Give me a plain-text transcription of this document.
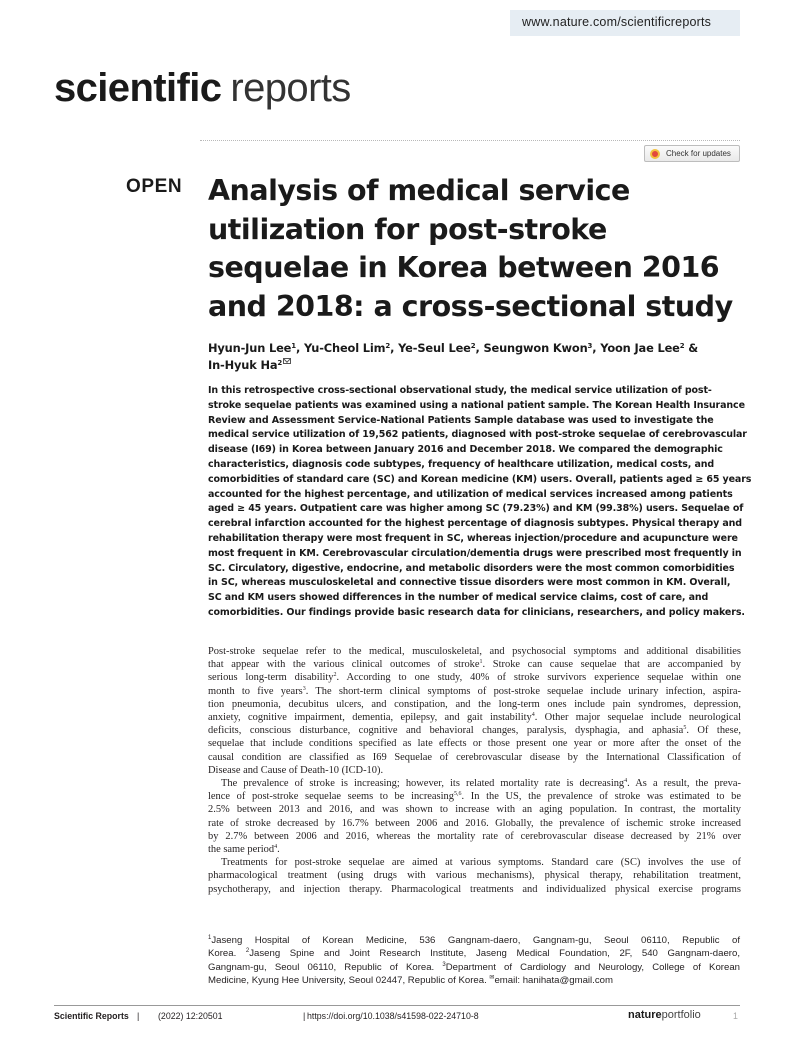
www.nature.com/scientificreports
scientific reports
Check for updates
OPEN Analysis of medical service utilization for post-stroke sequelae in Korea between 2016 and 2018: a cross-sectional study
Hyun-Jun Lee$^1$, Yu-Cheol Lim$^2$, Ye-Seul Lee$^2$, Seungwon Kwon$^3$, Yoon Jae Lee$^2$ &
In-Hyuk Ha$^2$
In this retrospective cross-sectional observational study, the medical service utilization of post-
stroke sequelae patients was examined using a national patient sample. The Korean Health Insurance
Review and Assessment Service-National Patients Sample database was used to investigate the
medical service utilization of 19,562 patients, diagnosed with post-stroke sequelae of cerebrovascular
disease (I69) in Korea between January 2016 and December 2018. We compared the demographic
characteristics, diagnosis code subtypes, frequency of healthcare utilization, medical costs, and
comorbidities of standard care (SC) and Korean medicine (KM) users. Overall, patients aged ≥ 65 years
accounted for the highest percentage, and utilization of medical services increased among patients
aged ≥ 45 years. Outpatient care was higher among SC (79.23%) and KM (99.38%) users. Sequelae of
cerebral infarction accounted for the highest percentage of diagnosis subtypes. Physical therapy and
rehabilitation therapy were most frequent in SC, whereas injection/procedure and acupuncture were
most frequent in KM. Cerebrovascular circulation/dementia drugs were prescribed most frequently in
SC. Circulatory, digestive, endocrine, and metabolic disorders were the most common comorbidities
in SC, whereas musculoskeletal and connective tissue disorders were most common in KM. Overall,
SC and KM users showed differences in the number of medical service claims, cost of care, and
comorbidities. Our findings provide basic research data for clinicians, researchers, and policy makers.
Post-stroke sequelae refer to the medical, musculoskeletal, and psychosocial symptoms and additional disabilities
that appear with the various clinical outcomes of stroke$^1$. Stroke can cause sequelae that are accompanied by
serious long-term disability$^2$. According to one study, 40% of stroke survivors experience sequelae within one
month to five years$^3$. The short-term clinical symptoms of post-stroke sequelae include urinary infection, aspira-
tion pneumonia, decubitus ulcers, and constipation, and the long-term ones include pain syndromes, depression,
anxiety, cognitive impairment, dementia, epilepsy, and gait instability$^4$. Other major sequelae include neurological
deficits, conscious disturbance, cognitive and behavioral changes, paralysis, dysphagia, and aphasia$^5$. Of these,
sequelae that include conditions specified as late effects or those present one year or more after the onset of the
causal condition are classified as I69 Sequelae of cerebrovascular disease by the International Classification of
Disease and Cause of Death-10 (ICD-10).
The prevalence of stroke is increasing; however, its related mortality rate is decreasing$^4$. As a result, the preva-
lence of post-stroke sequelae seems to be increasing$^{5,6}$. In the US, the prevalence of stroke was estimated to be
2.5% between 2013 and 2016, and was shown to increase with an aging population. In contrast, the mortality
rate of stroke decreased by 16.7% between 2006 and 2016. Globally, the prevalence of ischemic stroke increased
by 2.7% between 2006 and 2016, whereas the mortality rate of cerebrovascular disease decreased by 21% over
the same period$^4$.
Treatments for post-stroke sequelae are aimed at various symptoms. Standard care (SC) involves the use of
pharmacological treatment (using drugs with various mechanisms), physical therapy, rehabilitation treatment,
psychotherapy, and injection therapy. Pharmacological treatments and individualized physical exercise programs
$^1$Jaseng Hospital of Korean Medicine, 536 Gangnam-daero, Gangnam-gu, Seoul 06110, Republic of
Korea. $^2$Jaseng Spine and Joint Research Institute, Jaseng Medical Foundation, 2F, 540 Gangnam-daero,
Gangnam-gu, Seoul 06110, Republic of Korea. $^3$Department of Cardiology and Neurology, College of Korean
Medicine, Kyung Hee University, Seoul 02447, Republic of Korea. ✉email: hanihata@gmail.com
Scientific Reports | (2022) 12:20501	| https://doi.org/10.1038/s41598-022-24710-8	natureportfolio	1
